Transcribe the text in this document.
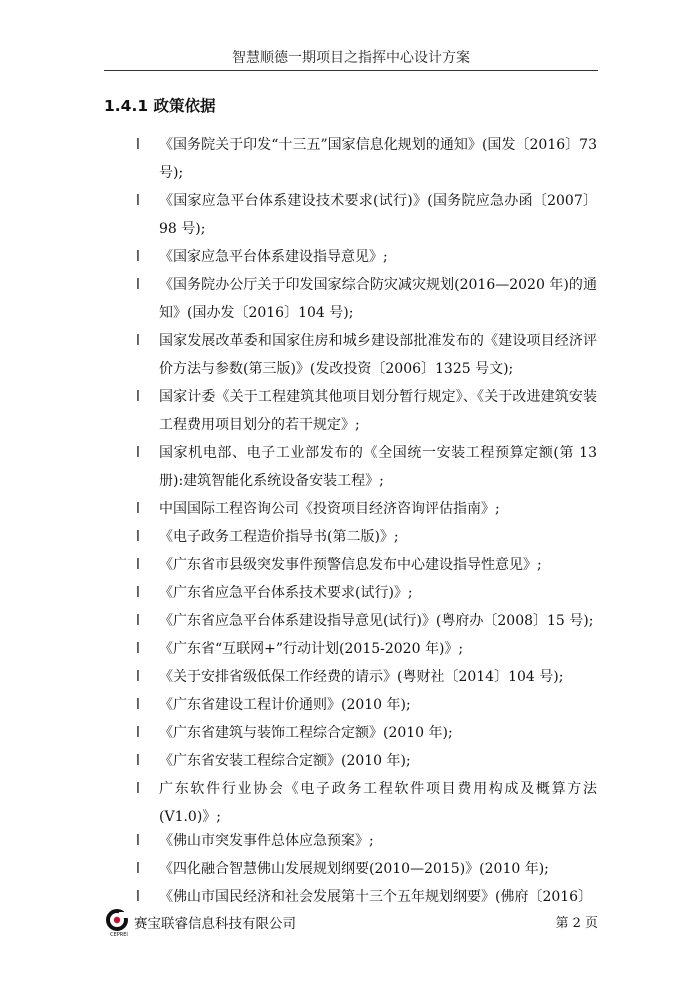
智慧顺德一期项目之指挥中心设计方案
1.4.1 政策依据
l 《国务院关于印发“十三五”国家信息化规划的通知》(国发〔2016〕73 号);
l 《国家应急平台体系建设技术要求(试行)》(国务院应急办函〔2007〕98 号);
l 《国家应急平台体系建设指导意见》;
l 《国务院办公厅关于印发国家综合防灾减灾规划(2016—2020 年)的通知》(国办发〔2016〕104 号);
l 国家发展改革委和国家住房和城乡建设部批准发布的《建设项目经济评价方法与参数(第三版)》(发改投资〔2006〕1325 号文);
l 国家计委《关于工程建筑其他项目划分暂行规定》、《关于改进建筑安装工程费用项目划分的若干规定》;
l 国家机电部、电子工业部发布的《全国统一安装工程预算定额(第 13 册):建筑智能化系统设备安装工程》;
l 中国国际工程咨询公司《投资项目经济咨询评估指南》;
l 《电子政务工程造价指导书(第二版)》;
l 《广东省市县级突发事件预警信息发布中心建设指导性意见》;
l 《广东省应急平台体系技术要求(试行)》;
l 《广东省应急平台体系建设指导意见(试行)》(粤府办〔2008〕15 号);
l 《广东省“互联网+”行动计划(2015-2020 年)》;
l 《关于安排省级低保工作经费的请示》(粤财社〔2014〕104 号);
l 《广东省建设工程计价通则》(2010 年);
l 《广东省建筑与装饰工程综合定额》(2010 年);
l 《广东省安装工程综合定额》(2010 年);
l 广东软件行业协会《电子政务工程软件项目费用构成及概算方法(V1.0)》;
l 《佛山市突发事件总体应急预案》;
l 《四化融合智慧佛山发展规划纲要(2010—2015)》(2010 年);
l 《佛山市国民经济和社会发展第十三个五年规划纲要》(佛府〔2016〕
CEPREI
赛宝联睿信息科技有限公司	第 2 页
